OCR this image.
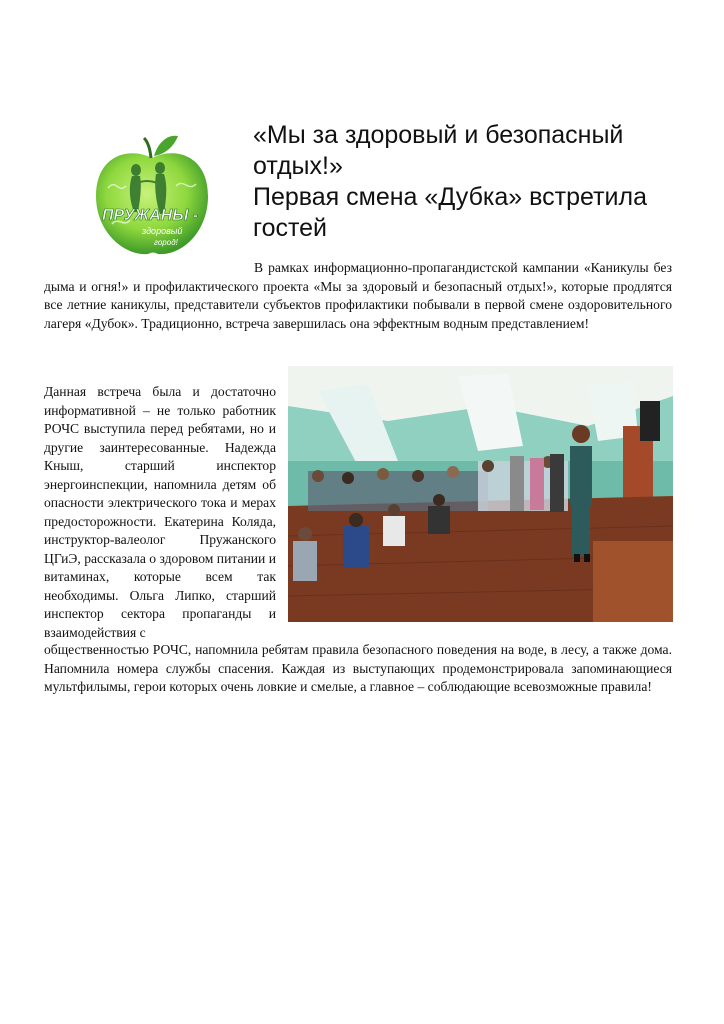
ПРУЖАНЫ -
здоровый
город!
«Мы за здоровый и безопасный отдых!»
Первая смена «Дубка» встретила гостей

В рамках информационно-пропагандистской кампании «Каникулы без дыма и огня!» и профилактического проекта «Мы за здоровый и безопасный отдых!», которые продлятся все летние каникулы, представители субъектов профилактики побывали в первой смене оздоровительного лагеря «Дубок». Традиционно, встреча завершилась она эффектным водным представлением!

Данная встреча была и достаточно информативной – не только работник РОЧС выступила перед ребятами, но и другие заинтересованные. Надежда Кныш, старший инспектор энергоинспекции, напомнила детям об опасности электрического тока и мерах предосторожности. Екатерина Коляда, инструктор-валеолог Пружанского ЦГиЭ, рассказала о здоровом питании и витаминах, которые всем так необходимы. Ольга Липко, старший инспектор сектора пропаганды и взаимодействия с

общественностью РОЧС, напомнила ребятам правила безопасного поведения на воде, в лесу, а также дома. Напомнила номера службы спасения. Каждая из выступающих продемонстрировала запоминающиеся мультфилымы, герои которых очень ловкие и смелые, а главное – соблюдающие всевозможные правила!
